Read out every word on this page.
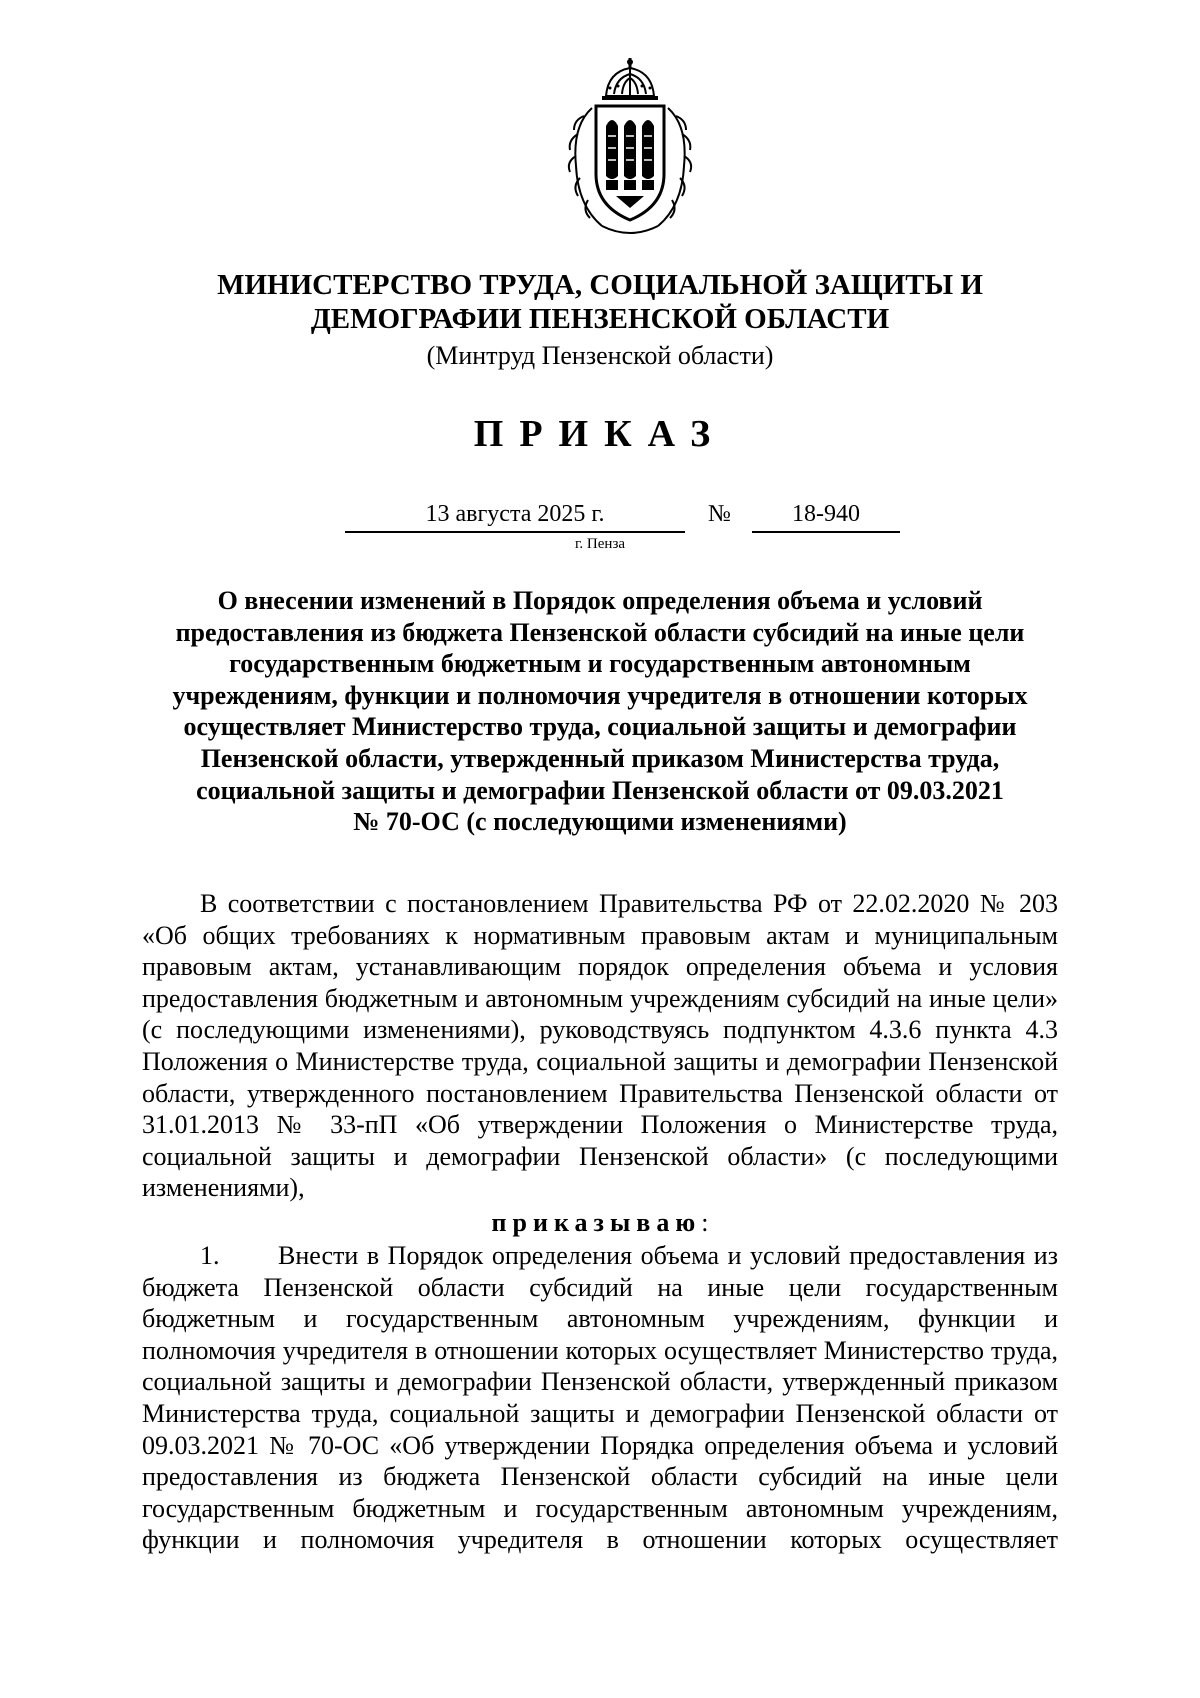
МИНИСТЕРСТВО ТРУДА, СОЦИАЛЬНОЙ ЗАЩИТЫ И
ДЕМОГРАФИИ ПЕНЗЕНСКОЙ ОБЛАСТИ
(Минтруд Пензенской области)
ПРИКАЗ
13 августа 2025 г.	№	18-940
г. Пенза
О внесении изменений в Порядок определения объема и условий
предоставления из бюджета Пензенской области субсидий на иные цели
государственным бюджетным и государственным автономным
учреждениям, функции и полномочия учредителя в отношении которых
осуществляет Министерство труда, социальной защиты и демографии
Пензенской области, утвержденный приказом Министерства труда,
социальной защиты и демографии Пензенской области от 09.03.2021
№ 70-ОС (с последующими изменениями)
В соответствии с постановлением Правительства РФ от 22.02.2020 № 203
«Об общих требованиях к нормативным правовым актам и муниципальным
правовым актам, устанавливающим порядок определения объема и условия
предоставления бюджетным и автономным учреждениям субсидий на иные цели»
(с последующими изменениями), руководствуясь подпунктом 4.3.6 пункта 4.3
Положения о Министерстве труда, социальной защиты и демографии Пензенской
области, утвержденного постановлением Правительства Пензенской области от
31.01.2013 № 33-пП «Об утверждении Положения о Министерстве труда,
социальной защиты и демографии Пензенской области» (с последующими
изменениями),
приказываю:
1. Внести в Порядок определения объема и условий предоставления из
бюджета Пензенской области субсидий на иные цели государственным
бюджетным и государственным автономным учреждениям, функции и
полномочия учредителя в отношении которых осуществляет Министерство труда,
социальной защиты и демографии Пензенской области, утвержденный приказом
Министерства труда, социальной защиты и демографии Пензенской области от
09.03.2021 № 70-ОС «Об утверждении Порядка определения объема и условий
предоставления из бюджета Пензенской области субсидий на иные цели
государственным бюджетным и государственным автономным учреждениям,
функции и полномочия учредителя в отношении которых осуществляет
